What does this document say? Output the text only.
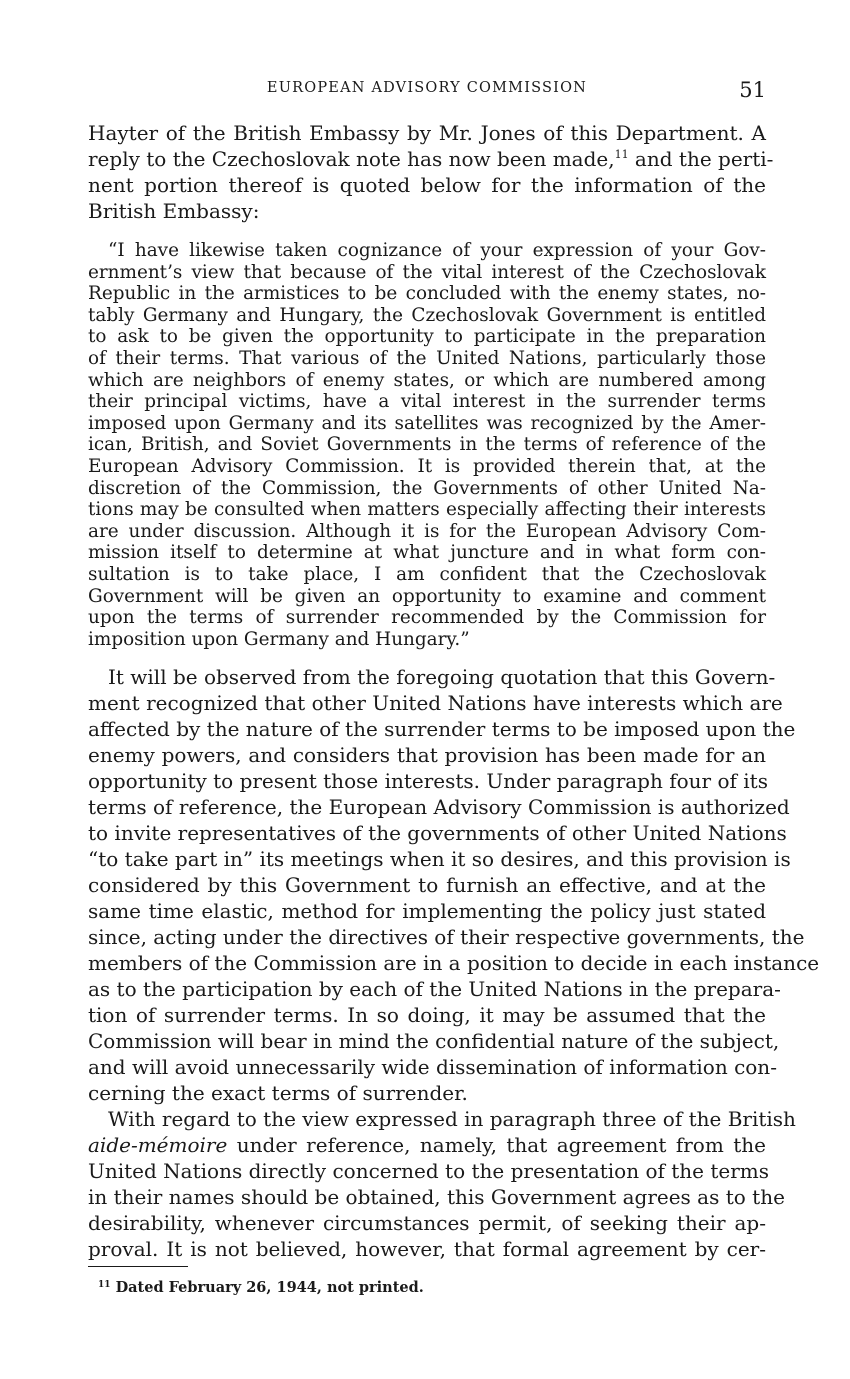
EUROPEAN ADVISORY COMMISSION	51
Hayter of the British Embassy by Mr. Jones of this Department. A
reply to the Czechoslovak note has now been made,$^{11}$ and the perti-
nent portion thereof is quoted below for the information of the
British Embassy:
“I have likewise taken cognizance of your expression of your Gov-
ernment’s view that because of the vital interest of the Czechoslovak
Republic in the armistices to be concluded with the enemy states, no-
tably Germany and Hungary, the Czechoslovak Government is entitled
to ask to be given the opportunity to participate in the preparation
of their terms. That various of the United Nations, particularly those
which are neighbors of enemy states, or which are numbered among
their principal victims, have a vital interest in the surrender terms
imposed upon Germany and its satellites was recognized by the Amer-
ican, British, and Soviet Governments in the terms of reference of the
European Advisory Commission. It is provided therein that, at the
discretion of the Commission, the Governments of other United Na-
tions may be consulted when matters especially affecting their interests
are under discussion. Although it is for the European Advisory Com-
mission itself to determine at what juncture and in what form con-
sultation is to take place, I am confident that the Czechoslovak
Government will be given an opportunity to examine and comment
upon the terms of surrender recommended by the Commission for
imposition upon Germany and Hungary.”
It will be observed from the foregoing quotation that this Govern-
ment recognized that other United Nations have interests which are
affected by the nature of the surrender terms to be imposed upon the
enemy powers, and considers that provision has been made for an
opportunity to present those interests. Under paragraph four of its
terms of reference, the European Advisory Commission is authorized
to invite representatives of the governments of other United Nations
“to take part in” its meetings when it so desires, and this provision is
considered by this Government to furnish an effective, and at the
same time elastic, method for implementing the policy just stated
since, acting under the directives of their respective governments, the
members of the Commission are in a position to decide in each instance
as to the participation by each of the United Nations in the prepara-
tion of surrender terms. In so doing, it may be assumed that the
Commission will bear in mind the confidential nature of the subject,
and will avoid unnecessarily wide dissemination of information con-
cerning the exact terms of surrender.
With regard to the view expressed in paragraph three of the British
aide-mémoire under reference, namely, that agreement from the
United Nations directly concerned to the presentation of the terms
in their names should be obtained, this Government agrees as to the
desirability, whenever circumstances permit, of seeking their ap-
proval. It is not believed, however, that formal agreement by cer-
$^{11}$ Dated February 26, 1944, not printed.
